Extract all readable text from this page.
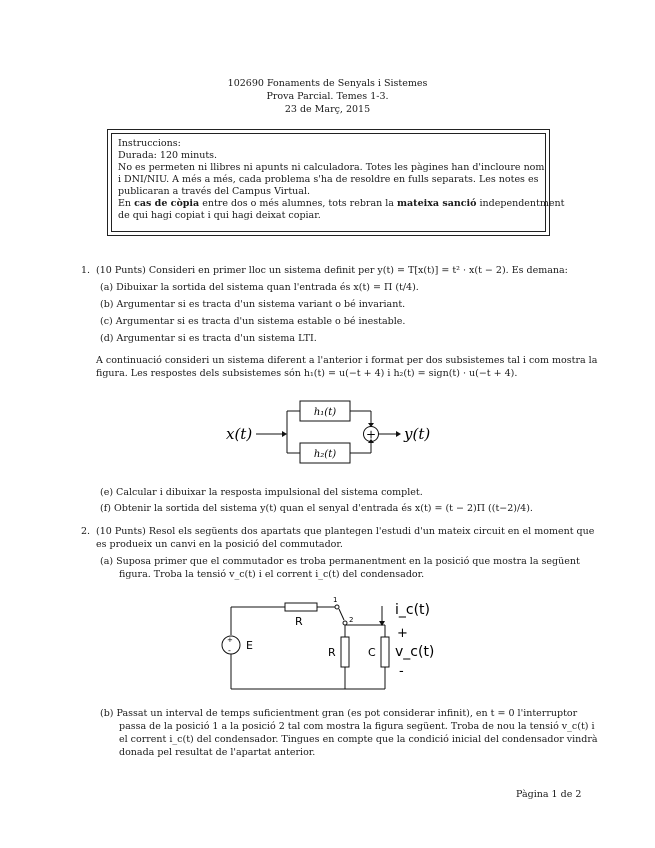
102690 Fonaments de Senyals i Sistemes
Prova Parcial. Temes 1-3.
23 de Març, 2015
Instruccions:
Durada: 120 minuts.
No es permeten ni llibres ni apunts ni calculadora. Totes les pàgines han d'incloure nom
i DNI/NIU. A més a més, cada problema s'ha de resoldre en fulls separats. Les notes es
publicaran a través del Campus Virtual.
En cas de còpia entre dos o més alumnes, tots rebran la mateixa sanció independentment
de qui hagi copiat i qui hagi deixat copiar.
1. (10 Punts) Consideri en primer lloc un sistema definit per y(t) = T[x(t)] = t² · x(t − 2). Es demana:
(a) Dibuixar la sortida del sistema quan l'entrada és x(t) = Π (t/4).
(b) Argumentar si es tracta d'un sistema variant o bé invariant.
(c) Argumentar si es tracta d'un sistema estable o bé inestable.
(d) Argumentar si es tracta d'un sistema LTI.
A continuació consideri un sistema diferent a l'anterior i format per dos subsistemes tal i com mostra la
figura. Les respostes dels subsistemes són h₁(t) = u(−t + 4) i h₂(t) = sign(t) · u(−t + 4).
x(t)
h₁(t)
h₂(t)
+ y(t)
(e) Calcular i dibuixar la resposta impulsional del sistema complet.
(f) Obtenir la sortida del sistema y(t) quan el senyal d'entrada és x(t) = (t − 2)Π ((t−2)/4).
2. (10 Punts) Resol els següents dos apartats que plantegen l'estudi d'un mateix circuit en el moment que
es produeix un canvi en la posició del commutador.
(a) Suposa primer que el commutador es troba permanentment en la posició que mostra la següent
figura. Troba la tensió v_c(t) i el corrent i_c(t) del condensador.
+
- E
R
R	C
1
2
i_c(t)
+
v_c(t)
-
(b) Passat un interval de temps suficientment gran (es pot considerar infinit), en t = 0 l'interruptor
passa de la posició 1 a la posició 2 tal com mostra la figura següent. Troba de nou la tensió v_c(t) i
el corrent i_c(t) del condensador. Tingues en compte que la condició inicial del condensador vindrà
donada pel resultat de l'apartat anterior.
Pàgina 1 de 2
